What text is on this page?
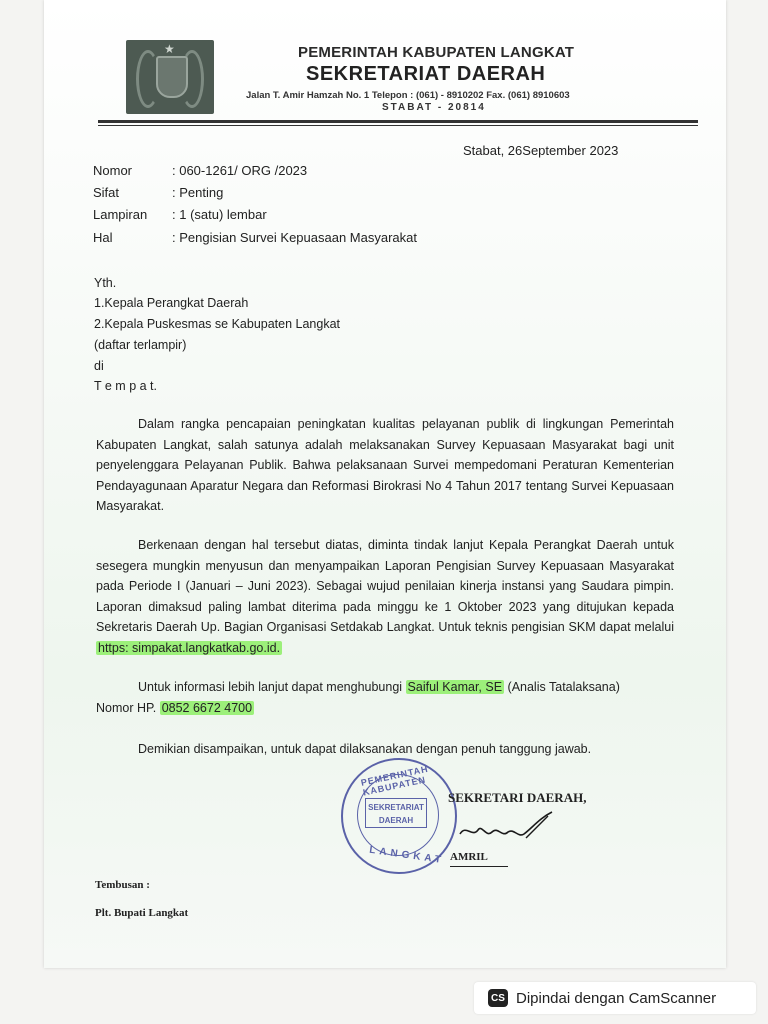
★	PEMERINTAH KABUPATEN LANGKAT
SEKRETARIAT DAERAH
Jalan T. Amir Hamzah No. 1 Telepon : (061) - 8910202 Fax. (061) 8910603
STABAT - 20814
Stabat, 26September 2023
Nomor	: 060-1261/ ORG /2023
Sifat	: Penting
Lampiran : 1 (satu) lembar
Hal	: Pengisian Survei Kepuasaan Masyarakat
Yth.
1.Kepala Perangkat Daerah
2.Kepala Puskesmas se Kabupaten Langkat
(daftar terlampir)
di
T e m p a t.
Dalam rangka pencapaian peningkatan kualitas pelayanan publik di lingkungan Pemerintah Kabupaten Langkat, salah satunya adalah melaksanakan Survey Kepuasaan Masyarakat bagi unit penyelenggara Pelayanan Publik. Bahwa pelaksanaan Survei mempedomani Peraturan Kementerian Pendayagunaan Aparatur Negara dan Reformasi Birokrasi No 4 Tahun 2017 tentang Survei Kepuasaan Masyarakat.
Berkenaan dengan hal tersebut diatas, diminta tindak lanjut Kepala Perangkat Daerah untuk sesegera mungkin menyusun dan menyampaikan Laporan Pengisian Survey Kepuasaan Masyarakat pada Periode I (Januari – Juni 2023). Sebagai wujud penilaian kinerja instansi yang Saudara pimpin. Laporan dimaksud paling lambat diterima pada minggu ke 1 Oktober 2023 yang ditujukan kepada Sekretaris Daerah Up. Bagian Organisasi Setdakab Langkat. Untuk teknis pengisian SKM dapat melalui https: simpakat.langkatkab.go.id.
Untuk informasi lebih lanjut dapat menghubungi Saiful Kamar, SE (Analis Tatalaksana)
Nomor HP. 0852 6672 4700
Demikian disampaikan, untuk dapat dilaksanakan dengan penuh tanggung jawab.
PEMERINTAH KABUPATEN
SEKRETARIAT
DAERAH
LANGKAT
SEKRETARI DAERAH,
AMRIL
Tembusan :
Plt. Bupati Langkat
CS Dipindai dengan CamScanner
